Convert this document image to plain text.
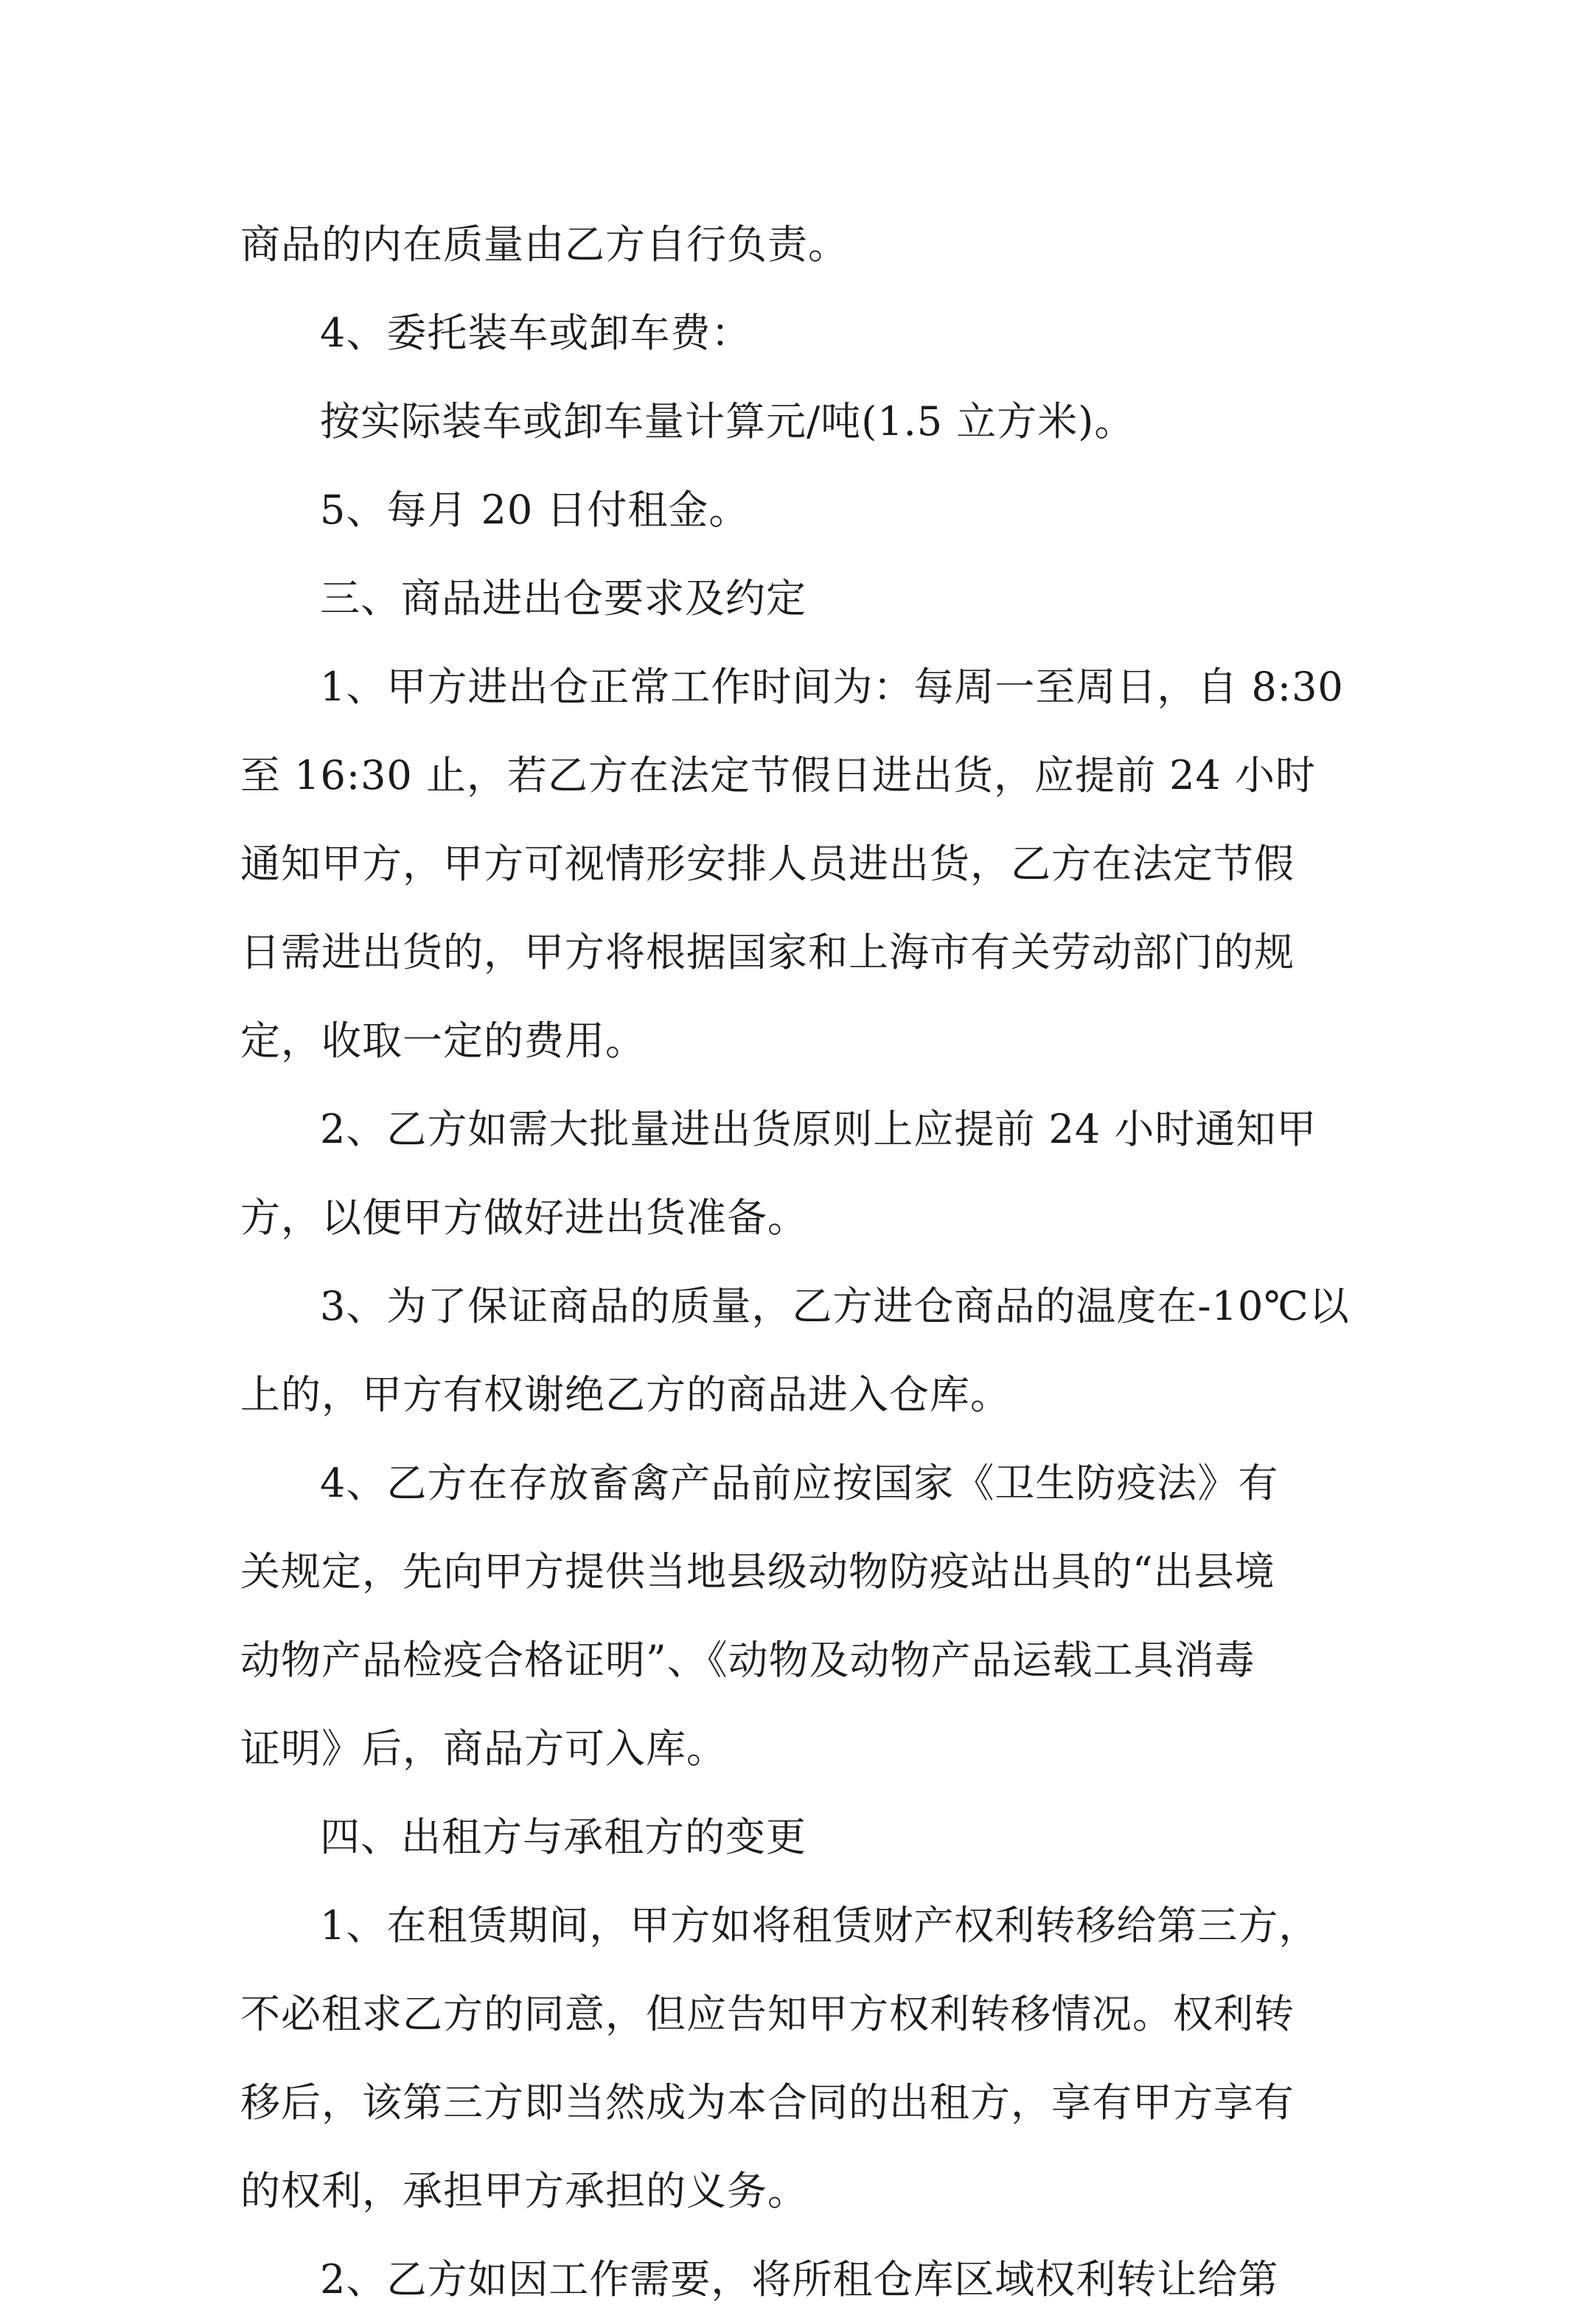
商品的内在质量由乙方自行负责。
4、委托装车或卸车费：
按实际装车或卸车量计算元/吨(1.5 立方米)。
5、每月 20 日付租金。
三、商品进出仓要求及约定
1、甲方进出仓正常工作时间为：每周一至周日，自 8:30
至 16:30 止，若乙方在法定节假日进出货，应提前 24 小时
通知甲方，甲方可视情形安排人员进出货，乙方在法定节假
日需进出货的，甲方将根据国家和上海市有关劳动部门的规
定，收取一定的费用。
2、乙方如需大批量进出货原则上应提前 24 小时通知甲
方，以便甲方做好进出货准备。
3、为了保证商品的质量，乙方进仓商品的温度在-10℃以
上的，甲方有权谢绝乙方的商品进入仓库。
4、乙方在存放畜禽产品前应按国家《卫生防疫法》有
关规定，先向甲方提供当地县级动物防疫站出具的“出县境
动物产品检疫合格证明”、《动物及动物产品运载工具消毒
证明》后，商品方可入库。
四、出租方与承租方的变更
1、在租赁期间，甲方如将租赁财产权利转移给第三方，
不必租求乙方的同意，但应告知甲方权利转移情况。权利转
移后，该第三方即当然成为本合同的出租方，享有甲方享有
的权利，承担甲方承担的义务。
2、乙方如因工作需要，将所租仓库区域权利转让给第
